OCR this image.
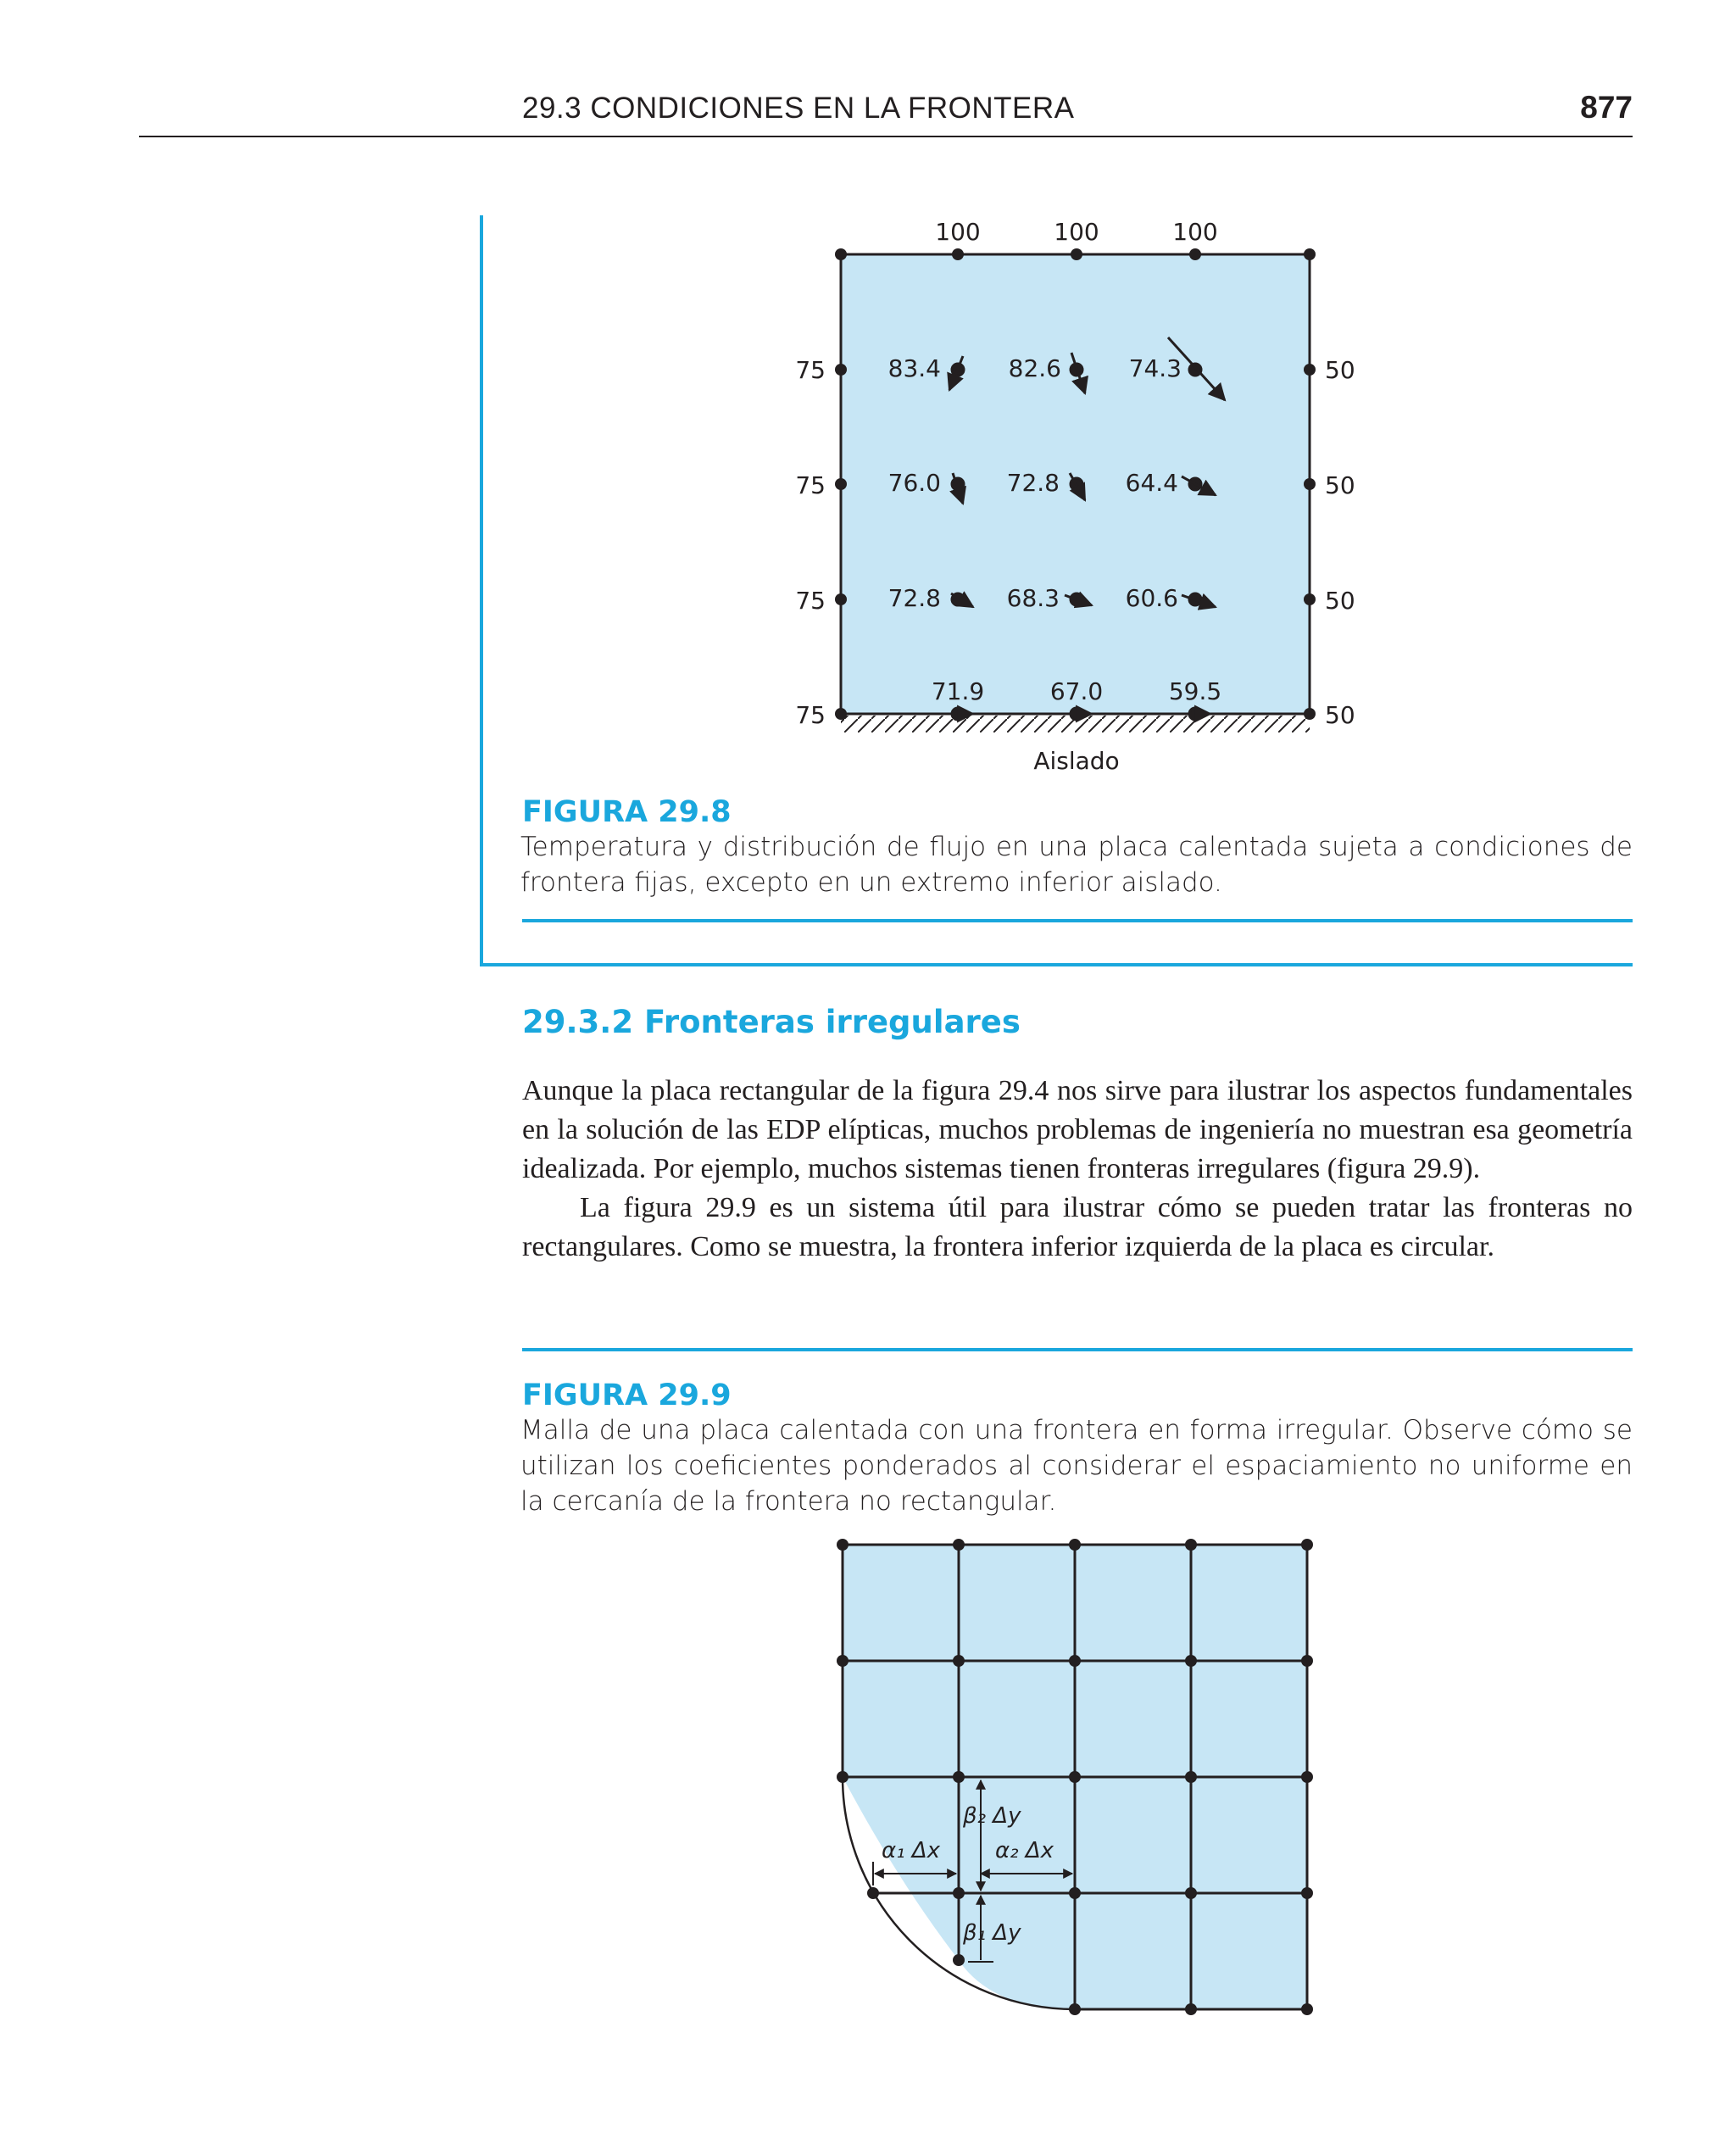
29.3 CONDICIONES EN LA FRONTERA	877
100	100	100
75
75
75
75
50
50
50
50
83.4	82.6	74.3
76.0	72.8	64.4
72.8	68.3	60.6
71.9	67.0	59.5
Aislado
FIGURA 29.8
Temperatura y distribución de flujo en una placa calentada sujeta a condiciones de frontera fijas, excepto en un extremo inferior aislado.
29.3.2 Fronteras irregulares

Aunque la placa rectangular de la figura 29.4 nos sirve para ilustrar los aspectos fundamentales en la solución de las EDP elípticas, muchos problemas de ingeniería no muestran esa geometría idealizada. Por ejemplo, muchos sistemas tienen fronteras irregulares (figura 29.9).

La figura 29.9 es un sistema útil para ilustrar cómo se pueden tratar las fronteras no rectangulares. Como se muestra, la frontera inferior izquierda de la placa es circular.

FIGURA 29.9
Malla de una placa calentada con una frontera en forma irregular. Observe cómo se utilizan los coeficientes ponderados al considerar el espaciamiento no uniforme en la cercanía de la frontera no rectangular.
α₁ Δx	α₂ Δx
β₂ Δy
β₁ Δy
